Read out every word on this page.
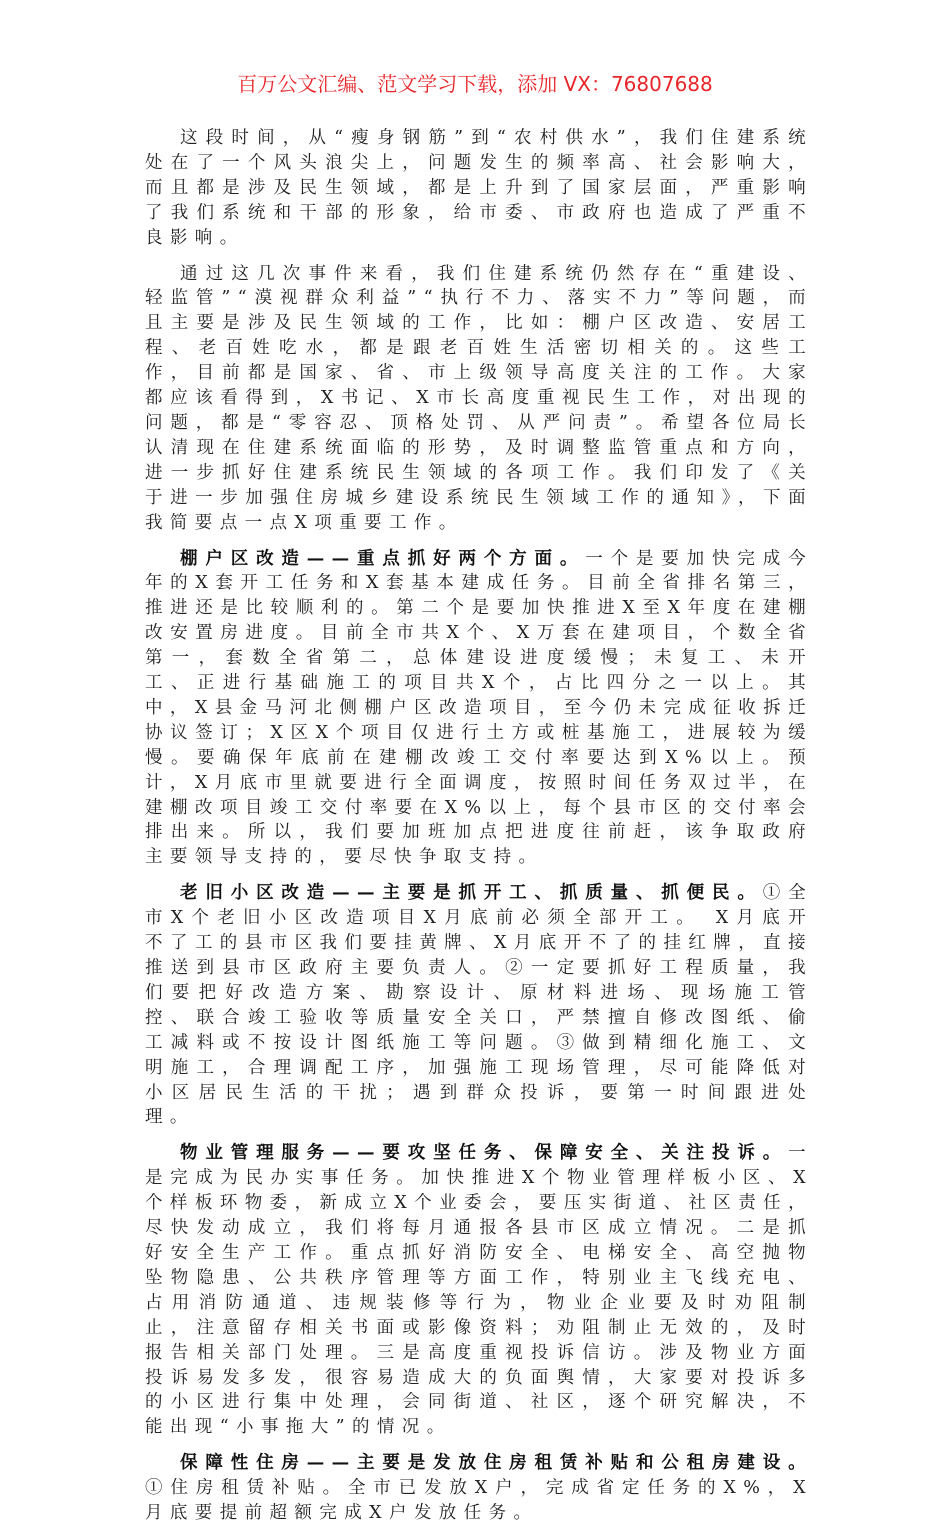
百万公文汇编、范文学习下载，添加 VX：76807688

这段时间，从“瘦身钢筋”到“农村供水”，我们住建系统处在了一个风头浪尖上，问题发生的频率高、社会影响大，而且都是涉及民生领域，都是上升到了国家层面，严重影响了我们系统和干部的形象，给市委、市政府也造成了严重不良影响。

通过这几次事件来看，我们住建系统仍然存在“重建设、轻监管”“漠视群众利益”“执行不力、落实不力”等问题，而且主要是涉及民生领域的工作，比如：棚户区改造、安居工程、老百姓吃水，都是跟老百姓生活密切相关的。这些工作，目前都是国家、省、市上级领导高度关注的工作。大家都应该看得到，X书记、X市长高度重视民生工作，对出现的问题，都是“零容忍、顶格处罚、从严问责”。希望各位局长认清现在住建系统面临的形势，及时调整监管重点和方向，进一步抓好住建系统民生领域的各项工作。我们印发了《关于进一步加强住房城乡建设系统民生领域工作的通知》，下面我简要点一点X项重要工作。

棚户区改造——重点抓好两个方面。一个是要加快完成今年的X套开工任务和X套基本建成任务。目前全省排名第三，推进还是比较顺利的。第二个是要加快推进X至X年度在建棚改安置房进度。目前全市共X个、X万套在建项目，个数全省第一，套数全省第二，总体建设进度缓慢；未复工、未开工、正进行基础施工的项目共X个，占比四分之一以上。其中，X县金马河北侧棚户区改造项目，至今仍未完成征收拆迁协议签订；X区X个项目仅进行土方或桩基施工，进展较为缓慢。要确保年底前在建棚改竣工交付率要达到X%以上。预计，X月底市里就要进行全面调度，按照时间任务双过半，在建棚改项目竣工交付率要在X%以上，每个县市区的交付率会排出来。所以，我们要加班加点把进度往前赶，该争取政府主要领导支持的，要尽快争取支持。

老旧小区改造——主要是抓开工、抓质量、抓便民。①全市X个老旧小区改造项目X月底前必须全部开工。 X月底开不了工的县市区我们要挂黄牌、X月底开不了的挂红牌，直接推送到县市区政府主要负责人。②一定要抓好工程质量，我们要把好改造方案、勘察设计、原材料进场、现场施工管控、联合竣工验收等质量安全关口，严禁擅自修改图纸、偷工减料或不按设计图纸施工等问题。③做到精细化施工、文明施工，合理调配工序，加强施工现场管理，尽可能降低对小区居民生活的干扰；遇到群众投诉，要第一时间跟进处理。

物业管理服务——要攻坚任务、保障安全、关注投诉。一是完成为民办实事任务。加快推进X个物业管理样板小区、X个样板环物委，新成立X个业委会，要压实街道、社区责任，尽快发动成立，我们将每月通报各县市区成立情况。二是抓好安全生产工作。重点抓好消防安全、电梯安全、高空抛物坠物隐患、公共秩序管理等方面工作，特别业主飞线充电、占用消防通道、违规装修等行为，物业企业要及时劝阻制止，注意留存相关书面或影像资料；劝阻制止无效的，及时报告相关部门处理。三是高度重视投诉信访。涉及物业方面投诉易发多发，很容易造成大的负面舆情，大家要对投诉多的小区进行集中处理，会同街道、社区，逐个研究解决，不能出现“小事拖大”的情况。

保障性住房——主要是发放住房租赁补贴和公租房建设。①住房租赁补贴。全市已发放X户，完成省定任务的X%，X月底要提前超额完成X户发放任务。
